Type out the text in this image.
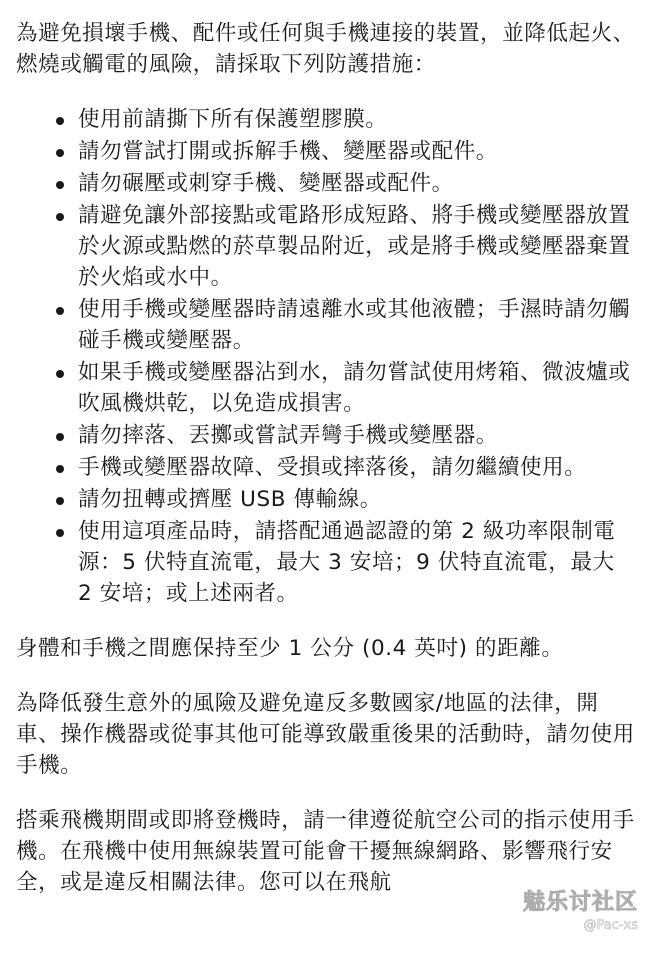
為避免損壞手機、配件或任何與手機連接的裝置，並降低起火、燃燒或觸電的風險，請採取下列防護措施：

使用前請撕下所有保護塑膠膜。
請勿嘗試打開或拆解手機、變壓器或配件。
請勿碾壓或刺穿手機、變壓器或配件。
請避免讓外部接點或電路形成短路、將手機或變壓器放置於火源或點燃的菸草製品附近，或是將手機或變壓器棄置於火焰或水中。
使用手機或變壓器時請遠離水或其他液體；手濕時請勿觸碰手機或變壓器。
如果手機或變壓器沾到水，請勿嘗試使用烤箱、微波爐或吹風機烘乾，以免造成損害。
請勿摔落、丟擲或嘗試弄彎手機或變壓器。
手機或變壓器故障、受損或摔落後，請勿繼續使用。
請勿扭轉或擠壓 USB 傳輸線。
使用這項產品時，請搭配通過認證的第 2 級功率限制電源：5 伏特直流電，最大 3 安培；9 伏特直流電，最大 2 安培；或上述兩者。

身體和手機之間應保持至少 1 公分 (0.4 英吋) 的距離。

為降低發生意外的風險及避免違反多數國家/地區的法律，開車、操作機器或從事其他可能導致嚴重後果的活動時，請勿使用手機。

搭乘飛機期間或即將登機時，請一律遵從航空公司的指示使用手機。在飛機中使用無線裝置可能會干擾無線網路、影響飛行安全，或是違反相關法律。您可以在飛航

魅乐讨社区
@Pac-xs
